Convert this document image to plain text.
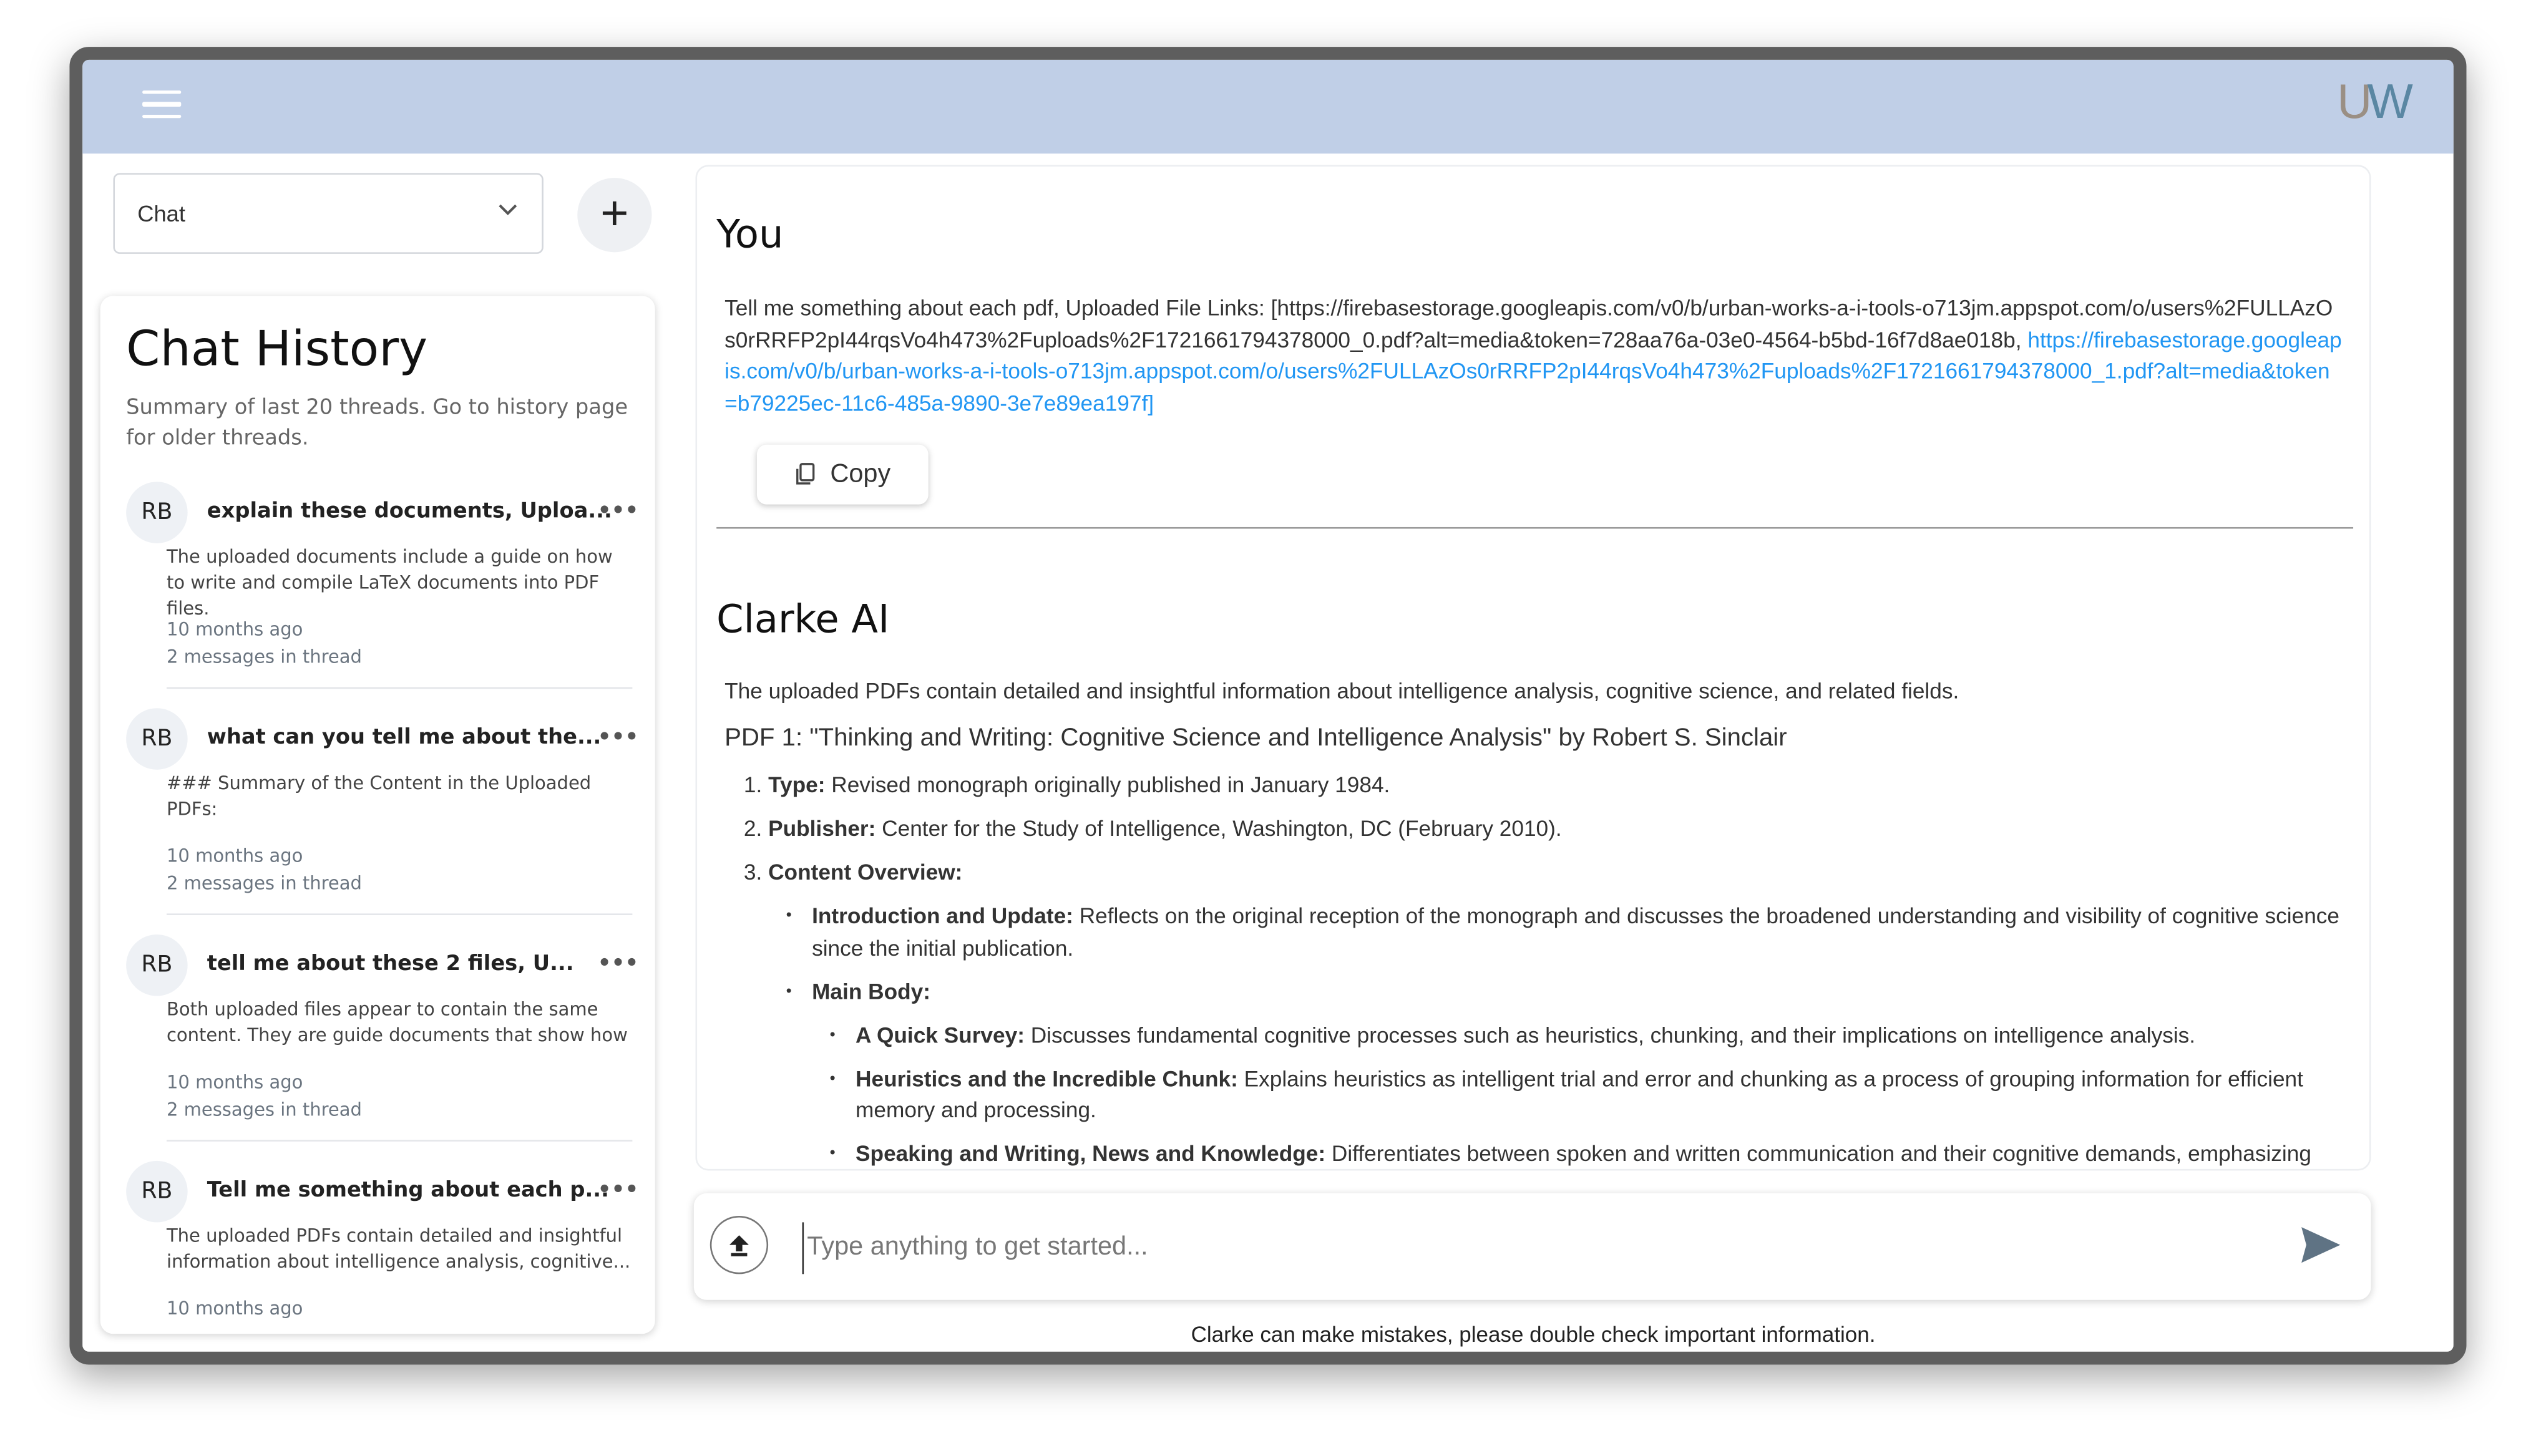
UW
Chat	+
Chat History
Summary of last 20 threads. Go to history page for older threads.
RB	explain these documents, Uploa...
•••
The uploaded documents include a guide on how to write and compile LaTeX documents into PDF files.
10 months ago
2 messages in thread
RB	what can you tell me about the...
•••
### Summary of the Content in the Uploaded PDFs:
10 months ago
2 messages in thread
RB	tell me about these 2 files, U... •••
Both uploaded files appear to contain the same content. They are guide documents that show how
10 months ago
2 messages in thread
RB	Tell me something about each p...
•••
The uploaded PDFs contain detailed and insightful information about intelligence analysis, cognitive...
10 months ago
You
Tell me something about each pdf, Uploaded File Links: [https://firebasestorage.googleapis.com/v0/b/urban-works-a-i-tools-o713jm.appspot.com/o/users%2FULLAzOs0rRRFP2pI44rqsVo4h473%2Fuploads%2F1721661794378000_0.pdf?alt=media&token=728aa76a-03e0-4564-b5bd-16f7d8ae018b, https://firebasestorage.googleapis.com/v0/b/urban-works-a-i-tools-o713jm.appspot.com/o/users%2FULLAzOs0rRRFP2pI44rqsVo4h473%2Fuploads%2F1721661794378000_1.pdf?alt=media&token=b79225ec-11c6-485a-9890-3e7e89ea197f]
Copy
Clarke AI

The uploaded PDFs contain detailed and insightful information about intelligence analysis, cognitive science, and related fields.

PDF 1: "Thinking and Writing: Cognitive Science and Intelligence Analysis" by Robert S. Sinclair

1. Type: Revised monograph originally published in January 1984.
2. Publisher: Center for the Study of Intelligence, Washington, DC (February 2010).
3. Content Overview:
• Introduction and Update: Reflects on the original reception of the monograph and discusses the broadened understanding and visibility of cognitive science since the initial publication.
• Main Body:
• A Quick Survey: Discusses fundamental cognitive processes such as heuristics, chunking, and their implications on intelligence analysis.
• Heuristics and the Incredible Chunk: Explains heuristics as intelligent trial and error and chunking as a process of grouping information for efficient memory and processing.
• Speaking and Writing, News and Knowledge: Differentiates between spoken and written communication and their cognitive demands, emphasizing
Type anything to get started...
Clarke can make mistakes, please double check important information.
